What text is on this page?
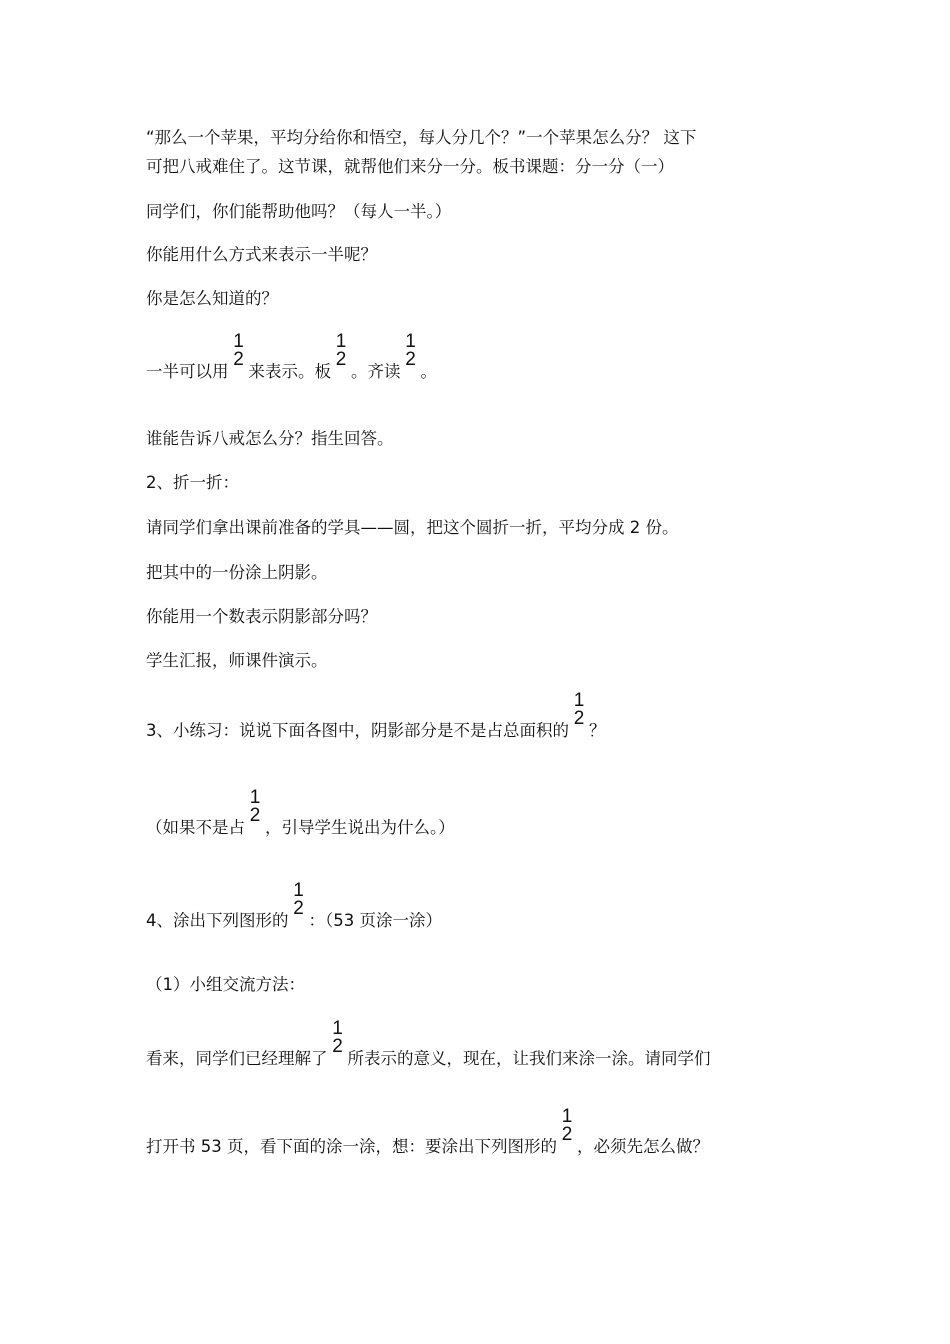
“那么一个苹果，平均分给你和悟空，每人分几个？”一个苹果怎么分？ 这下
可把八戒难住了。这节课，就帮他们来分一分。板书课题：分一分（一）
同学们，你们能帮助他吗？（每人一半。）
你能用什么方式来表示一半呢？
你是怎么知道的？
一半可以用
1
2
来表示。板
1
2
。齐读
1
2
。
谁能告诉八戒怎么分？指生回答。
2、折一折：
请同学们拿出课前准备的学具——圆，把这个圆折一折，平均分成 2 份。
把其中的一份涂上阴影。
你能用一个数表示阴影部分吗？
学生汇报，师课件演示。
3、小练习：说说下面各图中，阴影部分是不是占总面积的
1
2
？
（如果不是占
1
2
，引导学生说出为什么。）
4、涂出下列图形的
1
2
：（53 页涂一涂）
（1）小组交流方法：
看来，同学们已经理解了
1
2
所表示的意义，现在，让我们来涂一涂。请同学们
打开书 53 页，看下面的涂一涂，想：要涂出下列图形的
1
2
，必须先怎么做？
